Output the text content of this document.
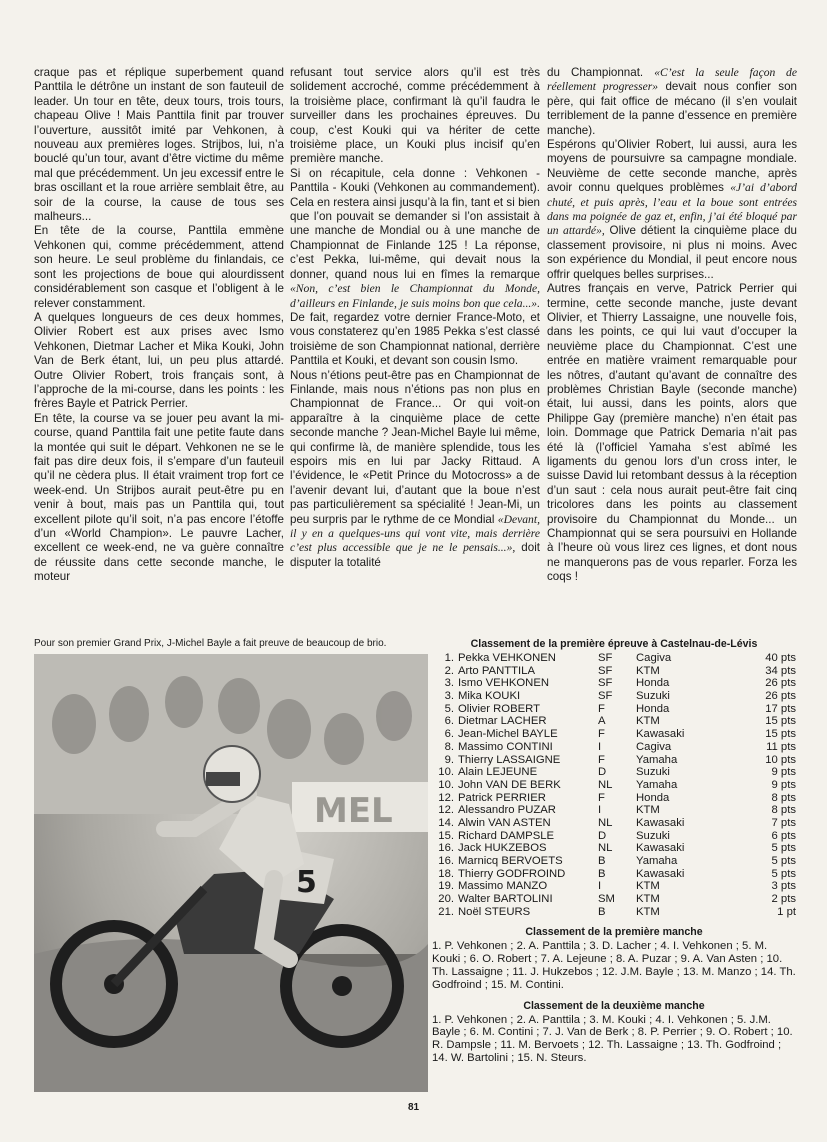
craque pas et réplique superbement quand Panttila le détrône un instant de son fauteuil de leader. Un tour en tête, deux tours, trois tours, chapeau Olive ! Mais Panttila finit par trouver l’ouverture, aussitôt imité par Vehkonen, à nouveau aux premières loges. Strijbos, lui, n’a bouclé qu’un tour, avant d’être victime du même mal que précédemment. Un jeu excessif entre le bras oscillant et la roue arrière semblait être, au soir de la course, la cause de tous ses malheurs...

En tête de la course, Panttila emmène Vehkonen qui, comme précédemment, attend son heure. Le seul problème du finlandais, ce sont les projections de boue qui alourdissent considérablement son casque et l’obligent à le relever constamment.

A quelques longueurs de ces deux hommes, Olivier Robert est aux prises avec Ismo Vehkonen, Dietmar Lacher et Mika Kouki, John Van de Berk étant, lui, un peu plus attardé. Outre Olivier Robert, trois français sont, à l’approche de la mi-course, dans les points : les frères Bayle et Patrick Perrier.

En tête, la course va se jouer peu avant la mi-course, quand Panttila fait une petite faute dans la montée qui suit le départ. Vehkonen ne se le fait pas dire deux fois, il s’empare d’un fauteuil qu’il ne cèdera plus. Il était vraiment trop fort ce week-end. Un Strijbos aurait peut-être pu en venir à bout, mais pas un Panttila qui, tout excellent pilote qu’il soit, n’a pas encore l’étoffe d’un «World Champion». Le pauvre Lacher, excellent ce week-end, ne va guère connaître de réussite dans cette seconde manche, le moteur

refusant tout service alors qu’il est très solidement accroché, comme précédemment à la troisième place, confirmant là qu’il faudra le surveiller dans les prochaines épreuves. Du coup, c’est Kouki qui va hériter de cette troisième place, un Kouki plus incisif qu’en première manche.

Si on récapitule, cela donne : Vehkonen - Panttila - Kouki (Vehkonen au commandement). Cela en restera ainsi jusqu’à la fin, tant et si bien que l’on pouvait se demander si l’on assistait à une manche de Mondial ou à une manche de Championnat de Finlande 125 ! La réponse, c’est Pekka, lui-même, qui devait nous la donner, quand nous lui en fîmes la remarque «Non, c’est bien le Championnat du Monde, d’ailleurs en Finlande, je suis moins bon que cela...». De fait, regardez votre dernier France-Moto, et vous constaterez qu’en 1985 Pekka s’est classé troisième de son Championnat national, derrière Panttila et Kouki, et devant son cousin Ismo.

Nous n’étions peut-être pas en Championnat de Finlande, mais nous n’étions pas non plus en Championnat de France... Or qui voit-on apparaître à la cinquième place de cette seconde manche ? Jean-Michel Bayle lui même, qui confirme là, de manière splendide, tous les espoirs mis en lui par Jacky Rittaud. A l’évidence, le «Petit Prince du Motocross» a de l’avenir devant lui, d’autant que la boue n’est pas particulièrement sa spécialité ! Jean-Mi, un peu surpris par le rythme de ce Mondial «Devant, il y en a quelques-uns qui vont vite, mais derrière c’est plus accessible que je ne le pensais...», doit disputer la totalité

du Championnat. «C’est la seule façon de réellement progresser» devait nous confier son père, qui fait office de mécano (il s’en voulait terriblement de la panne d’essence en première manche).

Espérons qu’Olivier Robert, lui aussi, aura les moyens de poursuivre sa campagne mondiale. Neuvième de cette seconde manche, après avoir connu quelques problèmes «J’ai d’abord chuté, et puis après, l’eau et la boue sont entrées dans ma poignée de gaz et, enfin, j’ai été bloqué par un attardé», Olive détient la cinquième place du classement provisoire, ni plus ni moins. Avec son expérience du Mondial, il peut encore nous offrir quelques belles surprises...

Autres français en verve, Patrick Perrier qui termine, cette seconde manche, juste devant Olivier, et Thierry Lassaigne, une nouvelle fois, dans les points, ce qui lui vaut d’occuper la neuvième place du Championnat. C’est une entrée en matière vraiment remarquable pour les nôtres, d’autant qu’avant de connaître des problèmes Christian Bayle (seconde manche) était, lui aussi, dans les points, alors que Philippe Gay (première manche) n’en était pas loin. Dommage que Patrick Demaria n’ait pas été là (l’officiel Yamaha s’est abîmé les ligaments du genou lors d’un cross inter, le suisse David lui retombant dessus à la réception d’un saut : cela nous aurait peut-être fait cinq tricolores dans les points au classement provisoire du Championnat du Monde... un Championnat qui se sera poursuivi en Hollande à l’heure où vous lirez ces lignes, et dont nous ne manquerons pas de vous reparler. Forza les coqs !

Pour son premier Grand Prix, J-Michel Bayle a fait preuve de beaucoup de brio.
MEL
5

Classement de la première épreuve à Castelnau-de-Lévis

1. Pekka VEHKONEN	SF	Cagiva	40 pts
2. Arto PANTTILA	SF	KTM	34 pts
3. Ismo VEHKONEN	SF	Honda	26 pts
3. Mika KOUKI	SF	Suzuki	26 pts
5. Olivier ROBERT	F	Honda	17 pts
6. Dietmar LACHER	A	KTM	15 pts
6. Jean-Michel BAYLE	F	Kawasaki	15 pts
8. Massimo CONTINI	I	Cagiva	11 pts
9. Thierry LASSAIGNE	F	Yamaha	10 pts
10. Alain LEJEUNE	D	Suzuki	9 pts
10. John VAN DE BERK	NL	Yamaha	9 pts
12. Patrick PERRIER	F	Honda	8 pts
12. Alessandro PUZAR	I	KTM	8 pts
14. Alwin VAN ASTEN	NL	Kawasaki	7 pts
15. Richard DAMPSLE	D	Suzuki	6 pts
16. Jack HUKZEBOS	NL	Kawasaki	5 pts
16. Marnicq BERVOETS	B	Yamaha	5 pts
18. Thierry GODFROIND	B	Kawasaki	5 pts
19. Massimo MANZO	I	KTM	3 pts
20. Walter BARTOLINI	SM	KTM	2 pts
21. Noël STEURS	B	KTM	1 pt

Classement de la première manche

1. P. Vehkonen ; 2. A. Panttila ; 3. D. Lacher ; 4. I. Vehkonen ; 5. M. Kouki ; 6. O. Robert ; 7. A. Lejeune ; 8. A. Puzar ; 9. A. Van Asten ; 10. Th. Lassaigne ; 11. J. Hukzebos ; 12. J.M. Bayle ; 13. M. Manzo ; 14. Th. Godfroind ; 15. M. Contini.

Classement de la deuxième manche

1. P. Vehkonen ; 2. A. Panttila ; 3. M. Kouki ; 4. I. Vehkonen ; 5. J.M. Bayle ; 6. M. Contini ; 7. J. Van de Berk ; 8. P. Perrier ; 9. O. Robert ; 10. R. Dampsle ; 11. M. Bervoets ; 12. Th. Lassaigne ; 13. Th. Godfroind ; 14. W. Bartolini ; 15. N. Steurs.

81
